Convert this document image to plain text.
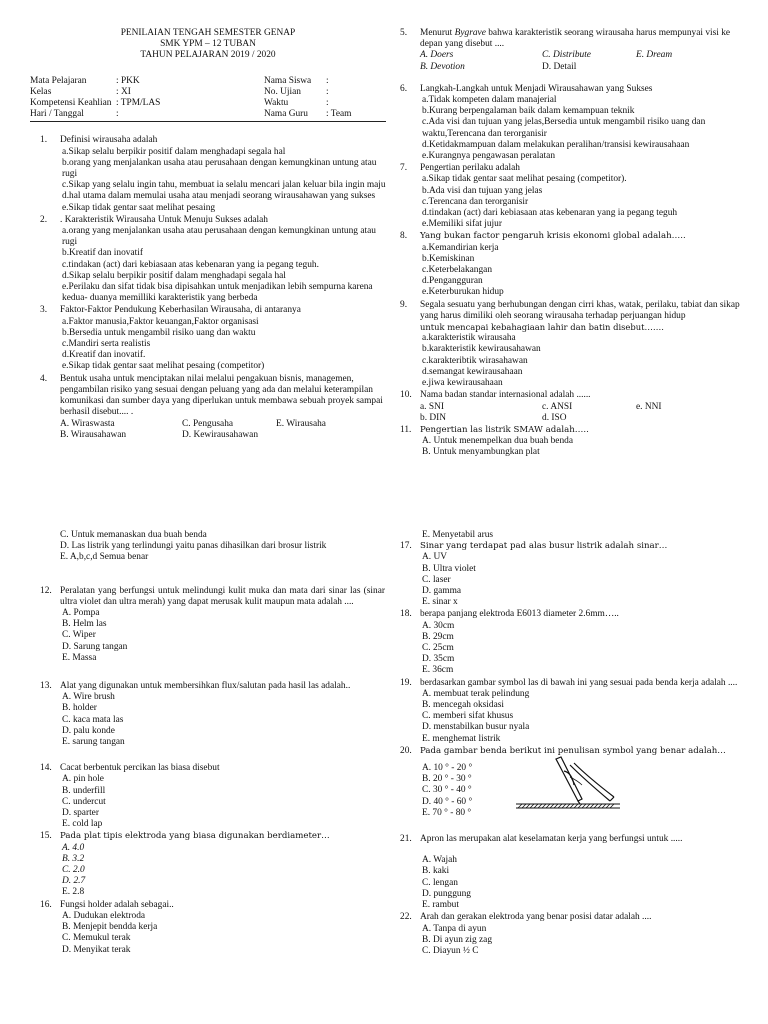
PENILAIAN TENGAH SEMESTER GENAP
SMK YPM – 12 TUBAN
TAHUN PELAJARAN 2019 / 2020
Mata Pelajaran	: PKK	Nama Siswa	:
Kelas	: XI	No. Ujian	:
Kompetensi Keahlian	: TPM/LAS	Waktu	:
Hari / Tanggal	:	Nama Guru	: Team
1. Definisi wirausaha adalah
a.Sikap selalu berpikir positif dalam menghadapi segala hal
b.orang yang menjalankan usaha atau perusahaan dengan kemungkinan untung atau rugi
c.Sikap yang selalu ingin tahu, membuat ia selalu mencari jalan keluar bila ingin maju
d.hal utama dalam memulai usaha atau menjadi seorang wirausahawan yang sukses
e.Sikap tidak gentar saat melihat pesaing
2. . Karakteristik Wirausaha Untuk Menuju Sukses adalah
a.orang yang menjalankan usaha atau perusahaan dengan kemungkinan untung atau rugi
b.Kreatif dan inovatif
c.tindakan (act) dari kebiasaan atas kebenaran yang ia pegang teguh.
d.Sikap selalu berpikir positif dalam menghadapi segala hal
e.Perilaku dan sifat tidak bisa dipisahkan untuk menjadikan lebih sempurna karena kedua- duanya memilliki karakteristik yang berbeda
3. Faktor-Faktor Pendukung Keberhasilan Wirausaha, di antaranya
a.Faktor manusia,Faktor keuangan,Faktor organisasi
b.Bersedia untuk mengambil risiko uang dan waktu
c.Mandiri serta realistis
d.Kreatif dan inovatif.
e.Sikap tidak gentar saat melihat pesaing (competitor)
4. Bentuk usaha untuk menciptakan nilai melalui pengakuan bisnis, managemen, pengambilan risiko yang sesuai dengan peluang yang ada dan melalui keterampilan komunikasi dan sumber daya yang diperlukan untuk membawa sebuah proyek sampai berhasil disebut.... .
A. Wiraswasta	C. Pengusaha	E. Wirausaha
B. Wirausahawan	D. Kewirausahawan
5. Menurut Bygrave bahwa karakteristik seorang wirausaha harus mempunyai visi ke depan yang disebut ....
A. Doers	C. Distribute	E. Dream
B. Devotion	D. Detail
6. Langkah-Langkah untuk Menjadi Wirausahawan yang Sukses
a.Tidak kompeten dalam manajerial
b.Kurang berpengalaman baik dalam kemampuan teknik
c.Ada visi dan tujuan yang jelas,Bersedia untuk mengambil risiko uang dan waktu,Terencana dan terorganisir
d.Ketidakmampuan dalam melakukan peralihan/transisi kewirausahaan
e.Kurangnya pengawasan peralatan
7. Pengertian perilaku adalah
a.Sikap tidak gentar saat melihat pesaing (competitor).
b.Ada visi dan tujuan yang jelas
c.Terencana dan terorganisir
d.tindakan (act) dari kebiasaan atas kebenaran yang ia pegang teguh
e.Memiliki sifat jujur
8. Yang bukan factor pengaruh krisis ekonomi global adalah…..
a.Kemandirian kerja
b.Kemiskinan
c.Keterbelakangan
d.Pengangguran
e.Keterburukan hidup
9. Segala sesuatu yang berhubungan dengan cirri khas, watak, perilaku, tabiat dan sikap yang harus dimiliki oleh seorang wirausaha terhadap perjuangan hidup
untuk mencapai kebahagiaan lahir dan batin disebut…….
a.karakteristik wirausaha
b.karakteristik kewirausahawan
c.karakteribtik wirasahawan
d.semangat kewirausahaan
e.jiwa kewirausahaan
10. Nama badan standar internasional adalah ......
a. SNI	c. ANSI	e. NNI
b. DIN	d. ISO
11. Pengertian las listrik SMAW adalah…..
A. Untuk menempelkan dua buah benda
B. Untuk menyambungkan plat
C. Untuk memanaskan dua buah benda
D. Las listrik yang terlindungi yaitu panas dihasilkan dari brosur listrik
E. A,b,c,d Semua benar
12. Peralatan yang berfungsi untuk melindungi kulit muka dan mata dari sinar las (sinar ultra violet dan ultra merah) yang dapat merusak kulit maupun mata adalah ....
A. Pompa
B. Helm las
C. Wiper
D. Sarung tangan
E. Massa
13. Alat yang digunakan untuk membersihkan flux/salutan pada hasil las adalah..
A. Wire brush
B. holder
C. kaca mata las
D. palu konde
E. sarung tangan
14. Cacat berbentuk percikan las biasa disebut
A. pin hole
B. underfill
C. undercut
D. sparter
E. cold lap
15. Pada plat tipis elektroda yang biasa digunakan berdiameter…
A. 4.0
B. 3.2
C. 2.0
D. 2.7
E. 2.8
16. Fungsi holder adalah sebagai..
A. Dudukan elektroda
B. Menjepit bendda kerja
C. Memukul terak
D. Menyikat terak
E. Menyetabil arus
17. Sinar yang terdapat pad alas busur listrik adalah sinar…
A. UV
B. Ultra violet
C. laser
D. gamma
E. sinar x
18. berapa panjang elektroda E6013 diameter 2.6mm…..
A. 30cm
B. 29cm
C. 25cm
D. 35cm
E. 36cm
19. berdasarkan gambar symbol las di bawah ini yang sesuai pada benda kerja adalah ....
A. membuat terak pelindung
B. mencegah oksidasi
C. memberi sifat khusus
D. menstabilkan busur nyala
E. menghemat listrik
20. Pada gambar benda berikut ini penulisan symbol yang benar adalah…
A. 10 ° - 20 °
B. 20 ° - 30 °
C. 30 ° - 40 °
D. 40 ° - 60 °
E. 70 ° - 80 °
21. Apron las merupakan alat keselamatan kerja yang berfungsi untuk .....
A. Wajah
B. kaki
C. lengan
D. punggung
E. rambut
22. Arah dan gerakan elektroda yang benar posisi datar adalah ....
A. Tanpa di ayun
B. Di ayun zig zag
C. Diayun ½ C
